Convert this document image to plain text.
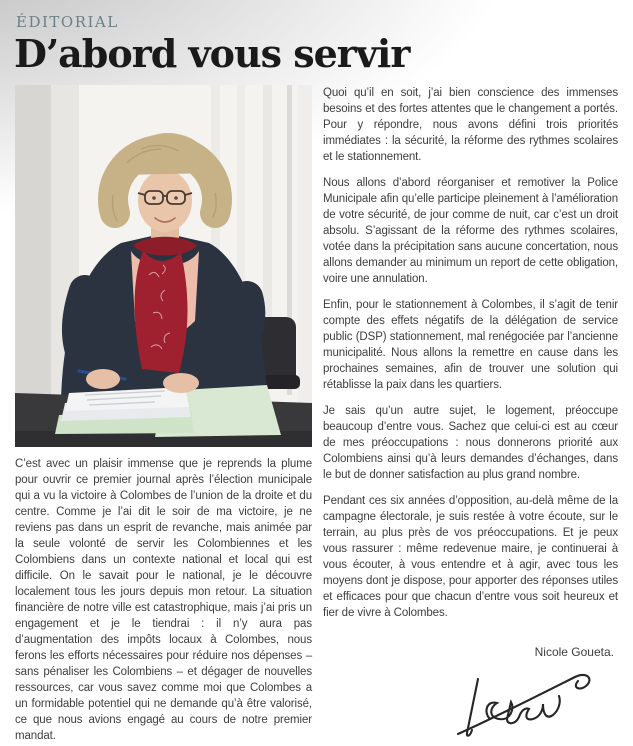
ÉDITORIAL
D’abord vous servir

C’est avec un plaisir immense que je reprends la plume pour ouvrir ce premier journal après l’élection municipale qui a vu la victoire à Colombes de l’union de la droite et du centre. Comme je l’ai dit le soir de ma victoire, je ne reviens pas dans un esprit de revanche, mais animée par la seule volonté de servir les Colombiennes et les Colombiens dans un contexte national et local qui est difficile. On le savait pour le national, je le découvre localement tous les jours depuis mon retour. La situation financière de notre ville est catastrophique, mais j’ai pris un engagement et je le tiendrai : il n’y aura pas d’augmentation des impôts locaux à Colombes, nous ferons les efforts nécessaires pour réduire nos dépenses – sans pénaliser les Colombiens – et dégager de nouvelles ressources, car vous savez comme moi que Colombes a un formidable potentiel qui ne demande qu’à être valorisé, ce que nous avions engagé au cours de notre premier mandat.

Quoi qu’il en soit, j’ai bien conscience des immenses besoins et des fortes attentes que le changement a portés. Pour y répondre, nous avons défini trois priorités immédiates : la sécurité, la réforme des rythmes scolaires et le stationnement.

Nous allons d’abord réorganiser et remotiver la Police Municipale afin qu’elle participe pleinement à l’amélioration de votre sécurité, de jour comme de nuit, car c’est un droit absolu. S’agissant de la réforme des rythmes scolaires, votée dans la précipitation sans aucune concertation, nous allons demander au minimum un report de cette obligation, voire une annulation.

Enfin, pour le stationnement à Colombes, il s’agit de tenir compte des effets négatifs de la délégation de service public (DSP) stationnement, mal renégociée par l’ancienne municipalité. Nous allons la remettre en cause dans les prochaines semaines, afin de trouver une solution qui rétablisse la paix dans les quartiers.

Je sais qu’un autre sujet, le logement, préoccupe beaucoup d’entre vous. Sachez que celui-ci est au cœur de mes préoccupations : nous donnerons priorité aux Colombiens ainsi qu’à leurs demandes d’échanges, dans le but de donner satisfaction au plus grand nombre.

Pendant ces six années d’opposition, au-delà même de la campagne électorale, je suis restée à votre écoute, sur le terrain, au plus près de vos préoccupations. Et je peux vous rassurer : même redevenue maire, je continuerai à vous écouter, à vous entendre et à agir, avec tous les moyens dont je dispose, pour apporter des réponses utiles et efficaces pour que chacun d’entre vous soit heureux et fier de vivre à Colombes.

Nicole Goueta.
